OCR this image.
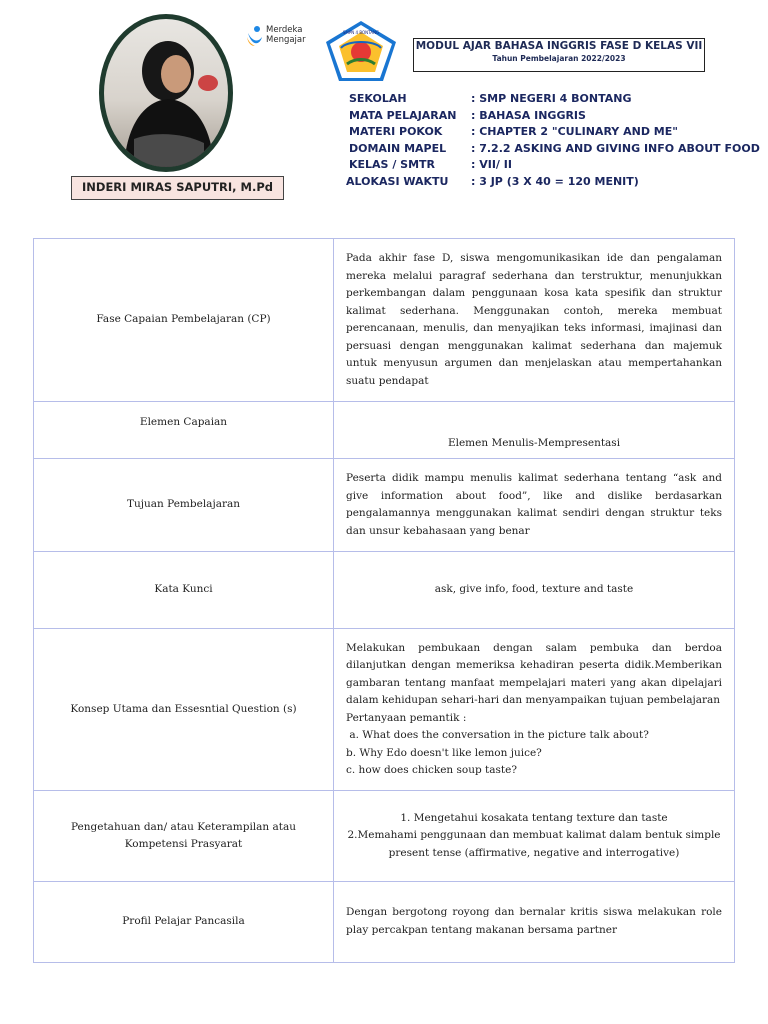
INDERI MIRAS SAPUTRI, M.Pd
Merdeka
Mengajar
SMPN 4 BONTANG
MODUL AJAR BAHASA INGGRIS FASE D KELAS VII
Tahun Pembelajaran 2022/2023
SEKOLAH	: SMP NEGERI 4 BONTANG
MATA PELAJARAN : BAHASA INGGRIS
MATERI POKOK	: CHAPTER 2 "CULINARY AND ME"
DOMAIN MAPEL : 7.2.2 ASKING AND GIVING INFO ABOUT FOOD
KELAS / SMTR	: VII/ II
ALOKASI WAKTU : 3 JP (3 X 40 = 120 MENIT)
Fase Capaian Pembelajaran (CP)	Pada akhir fase D, siswa mengomunikasikan ide dan pengalaman mereka melalui paragraf sederhana dan terstruktur, menunjukkan perkembangan dalam penggunaan kosa kata spesifik dan struktur kalimat sederhana. Menggunakan contoh, mereka membuat perencanaan, menulis, dan menyajikan teks informasi, imajinasi dan persuasi dengan menggunakan kalimat sederhana dan majemuk untuk menyusun argumen dan menjelaskan atau mempertahankan suatu pendapat
Elemen Capaian	Elemen Menulis-Mempresentasi
Tujuan Pembelajaran	Peserta didik mampu menulis kalimat sederhana tentang “ask and give information about food”, like and dislike berdasarkan pengalamannya menggunakan kalimat sendiri dengan struktur teks dan unsur kebahasaan yang benar
Kata Kunci	ask, give info, food, texture and taste
Konsep Utama dan Essesntial Question (s)	Melakukan pembukaan dengan salam pembuka dan berdoa dilanjutkan dengan memeriksa kehadiran peserta didik.Memberikan gambaran tentang manfaat mempelajari materi yang akan dipelajari dalam kehidupan sehari-hari dan menyampaikan tujuan pembelajaran
Pertanyaan pemantik :
a. What does the conversation in the picture talk about?
b. Why Edo doesn't like lemon juice?
c. how does chicken soup taste?

Pengetahuan dan/ atau Keterampilan atau
Kompetensi Prasyarat	1. Mengetahui kosakata tentang texture dan taste
2.Memahami penggunaan dan membuat kalimat dalam bentuk simple
present tense (affirmative, negative and interrogative)

Profil Pelajar Pancasila	Dengan bergotong royong dan bernalar kritis siswa melakukan role play percakpan tentang makanan bersama partner
